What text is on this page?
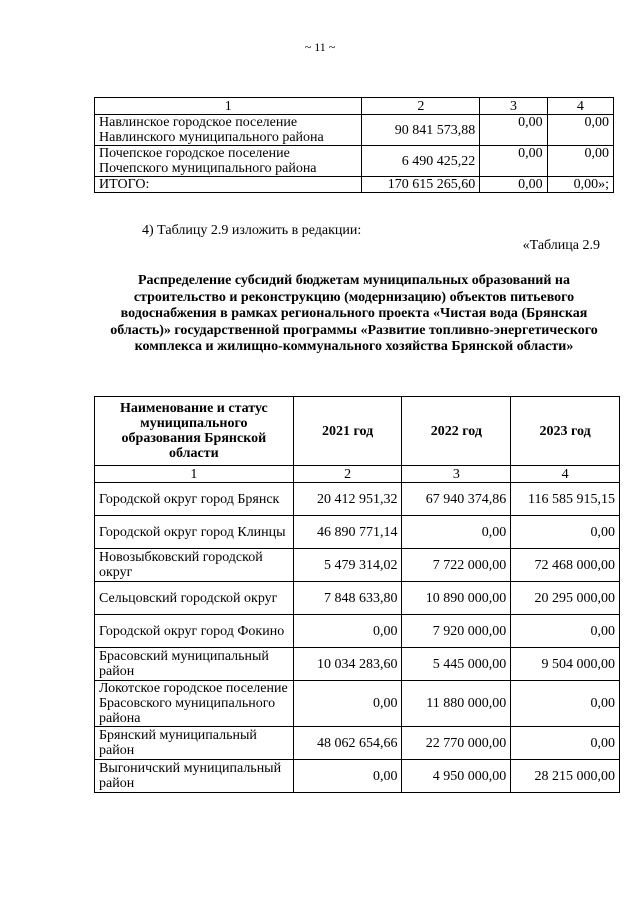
~ 11 ~
1	2	3	4
Навлинское городское поселение Навлинского муниципального района	90 841 573,88	0,00	0,00
Почепское городское поселение Почепского муниципального района	6 490 425,22	0,00	0,00
ИТОГО:	170 615 265,60	0,00	0,00»;
4) Таблицу 2.9 изложить в редакции:
«Таблица 2.9
Распределение субсидий бюджетам муниципальных образований на строительство и реконструкцию (модернизацию) объектов питьевого водоснабжения в рамках регионального проекта «Чистая вода (Брянская область)» государственной программы «Развитие топливно-энергетического комплекса и жилищно-коммунального хозяйства Брянской области»
Наименование и статус муниципального образования Брянской области	2021 год	2022 год	2023 год
1	2	3	4
Городской округ город Брянск	20 412 951,32	67 940 374,86	116 585 915,15
Городской округ город Клинцы	46 890 771,14	0,00	0,00
Новозыбковский городской округ	5 479 314,02	7 722 000,00	72 468 000,00
Сельцовский городской округ	7 848 633,80	10 890 000,00	20 295 000,00
Городской округ город Фокино	0,00	7 920 000,00	0,00
Брасовский муниципальный район	10 034 283,60	5 445 000,00	9 504 000,00
Локотское городское поселение Брасовского муниципального района	0,00	11 880 000,00	0,00
Брянский муниципальный район	48 062 654,66	22 770 000,00	0,00
Выгоничский муниципальный район	0,00	4 950 000,00	28 215 000,00
